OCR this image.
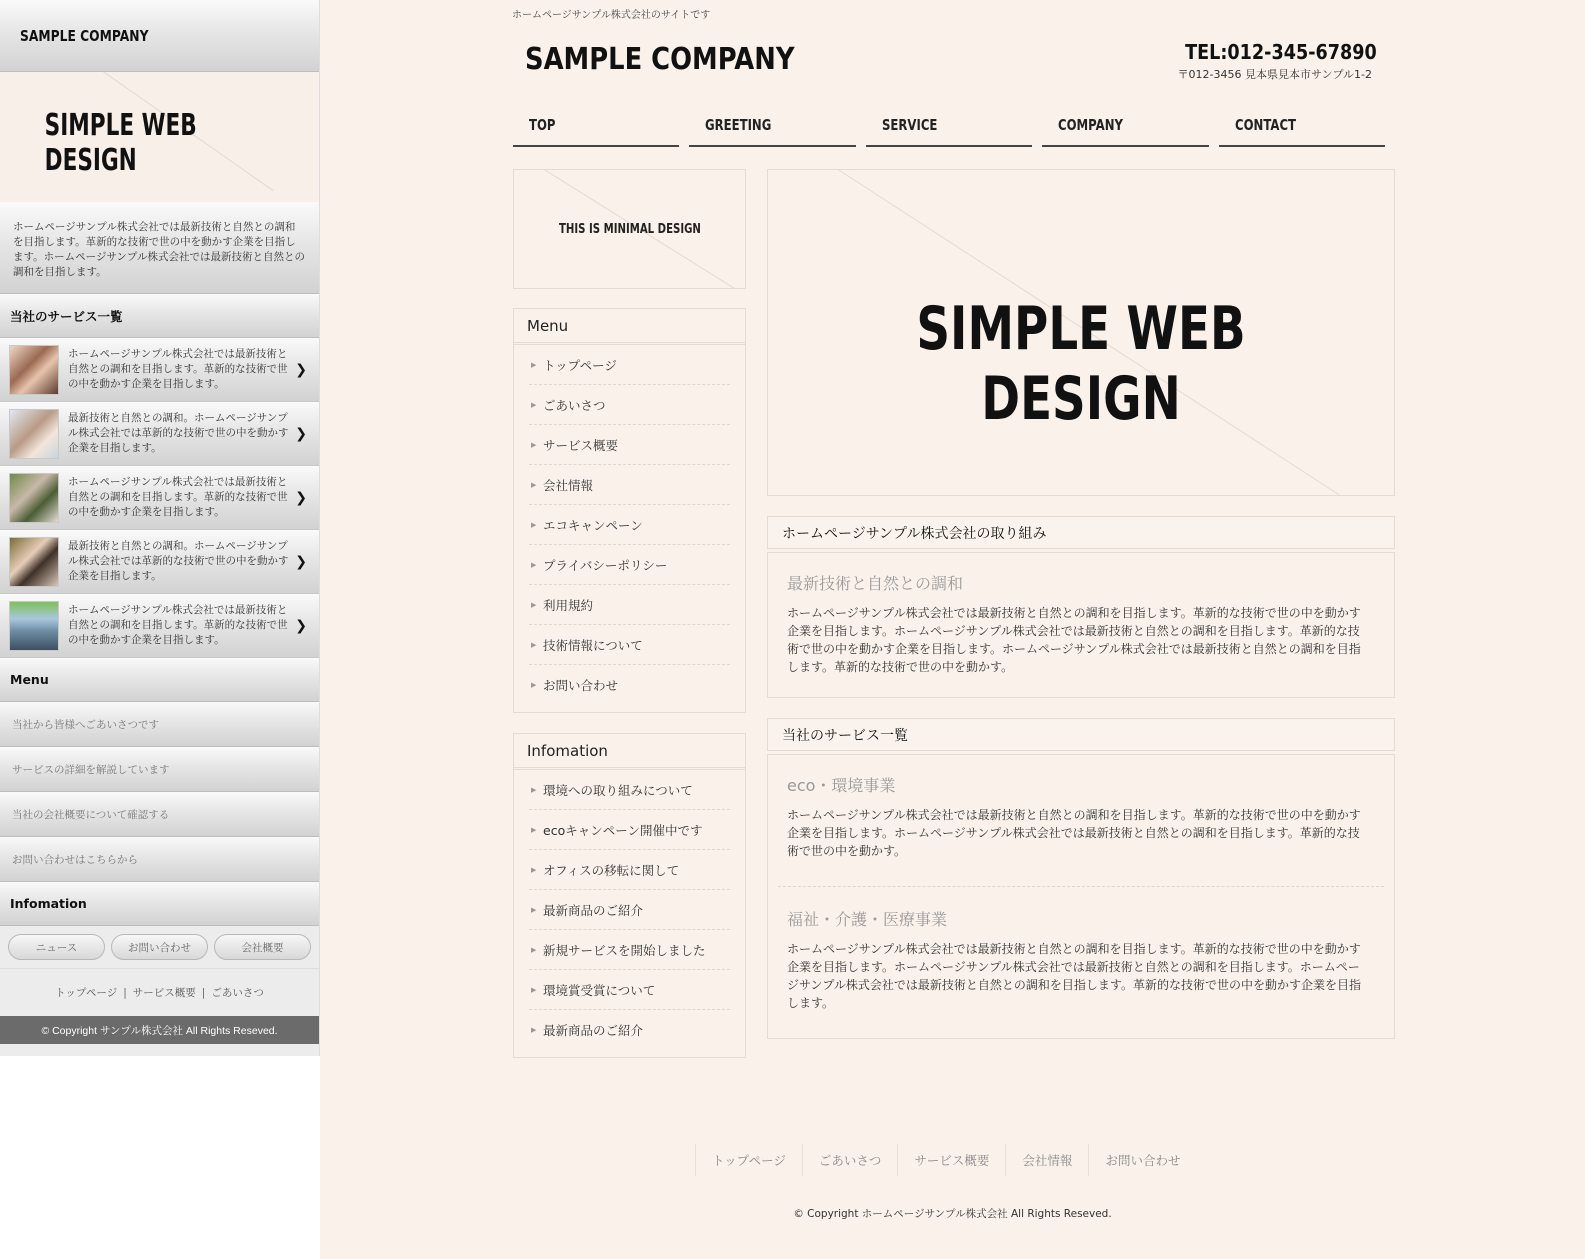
SAMPLE COMPANY
SIMPLE WEB DESIGN
ホームページサンプル株式会社では最新技術と自然との調和を目指します。革新的な技術で世の中を動かす企業を目指します。ホームページサンプル株式会社では最新技術と自然との調和を目指します。
当社のサービス一覧
ホームページサンプル株式会社では最新技術と自然との調和を目指します。革新的な技術で世の中を動かす企業を目指します。
❯
最新技術と自然との調和。ホームページサンプル株式会社では革新的な技術で世の中を動かす企業を目指します。
❯
ホームページサンプル株式会社では最新技術と自然との調和を目指します。革新的な技術で世の中を動かす企業を目指します。
❯
最新技術と自然との調和。ホームページサンプル株式会社では革新的な技術で世の中を動かす企業を目指します。
❯
ホームページサンプル株式会社では最新技術と自然との調和を目指します。革新的な技術で世の中を動かす企業を目指します。
❯
Menu
当社から皆様へごあいさつです
サービスの詳細を解説しています
当社の会社概要について確認する
お問い合わせはこちらから
Infomation
ニュース	お問い合わせ	会社概要
トップページ | サービス概要 | ごあいさつ
© Copyright サンプル株式会社 All Rights Reseved.
ホームページサンプル株式会社のサイトです
SAMPLE COMPANY	TEL:012-345-67890
〒012-3456 見本県見本市サンプル1-2
TOP	GREETING	SERVICE	COMPANY	CONTACT
THIS IS MINIMAL DESIGN
Menu
▶ トップページ
▶ ごあいさつ
▶ サービス概要
▶ 会社情報
▶ エコキャンペーン
▶ プライバシーポリシー
▶ 利用規約
▶ 技術情報について
▶ お問い合わせ
Infomation
▶ 環境への取り組みについて
▶ ecoキャンペーン開催中です
▶ オフィスの移転に関して
▶ 最新商品のご紹介
▶ 新規サービスを開始しました
▶ 環境賞受賞について
▶ 最新商品のご紹介
SIMPLE WEB DESIGN
ホームページサンプル株式会社の取り組み
最新技術と自然との調和
ホームページサンプル株式会社では最新技術と自然との調和を目指します。革新的な技術で世の中を動かす企業を目指します。ホームページサンプル株式会社では最新技術と自然との調和を目指します。革新的な技術で世の中を動かす企業を目指します。ホームページサンプル株式会社では最新技術と自然との調和を目指します。革新的な技術で世の中を動かす。
当社のサービス一覧
eco・環境事業
ホームページサンプル株式会社では最新技術と自然との調和を目指します。革新的な技術で世の中を動かす企業を目指します。ホームページサンプル株式会社では最新技術と自然との調和を目指します。革新的な技術で世の中を動かす。
福祉・介護・医療事業
ホームページサンプル株式会社では最新技術と自然との調和を目指します。革新的な技術で世の中を動かす企業を目指します。ホームページサンプル株式会社では最新技術と自然との調和を目指します。ホームページサンプル株式会社では最新技術と自然との調和を目指します。革新的な技術で世の中を動かす企業を目指します。
トップページ	ごあいさつ	サービス概要	会社情報	お問い合わせ
© Copyright ホームページサンプル株式会社 All Rights Reseved.
